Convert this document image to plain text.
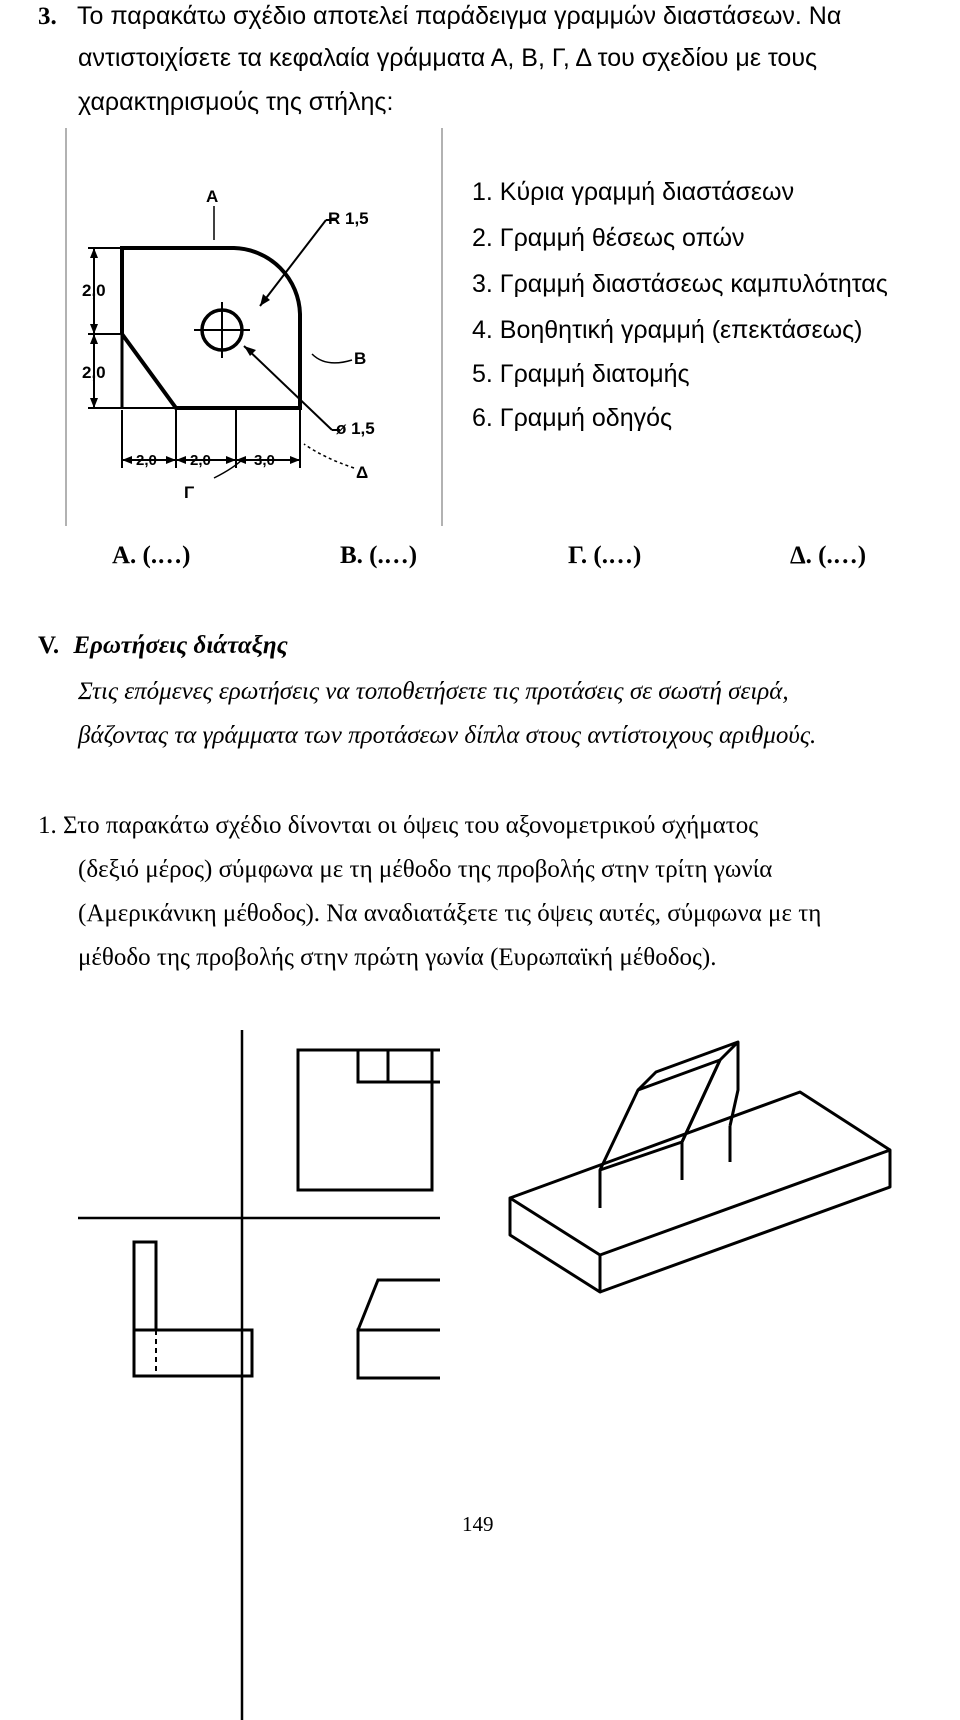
3. Το παρακάτω σχέδιο αποτελεί παράδειγμα γραμμών διαστάσεων. Να
αντιστοιχίσετε τα κεφαλαία γράμματα Α, Β, Γ, Δ του σχεδίου με τους
χαρακτηρισμούς της στήλης:
A
B
Γ
Δ
R 1,5
ø 1,5
2,0
2,0
2,0 2,0	3,0
1. Κύρια γραμμή διαστάσεων
2. Γραμμή θέσεως οπών
3. Γραμμή διαστάσεως καμπυλότητας
4. Βοηθητική γραμμή (επεκτάσεως)
5. Γραμμή διατομής
6. Γραμμή οδηγός
Α. (.…)	Β. (.…)	Γ. (.…)	Δ. (.…)
V. Ερωτήσεις διάταξης
Στις επόμενες ερωτήσεις να τοποθετήσετε τις προτάσεις σε σωστή σειρά,
βάζοντας τα γράμματα των προτάσεων δίπλα στους αντίστοιχους αριθμούς.
1. Στο παρακάτω σχέδιο δίνονται οι όψεις του αξονομετρικού σχήματος
(δεξιό μέρος) σύμφωνα με τη μέθοδο της προβολής στην τρίτη γωνία
(Αμερικάνικη μέθοδος). Να αναδιατάξετε τις όψεις αυτές, σύμφωνα με τη
μέθοδο της προβολής στην πρώτη γωνία (Ευρωπαϊκή μέθοδος).
149
